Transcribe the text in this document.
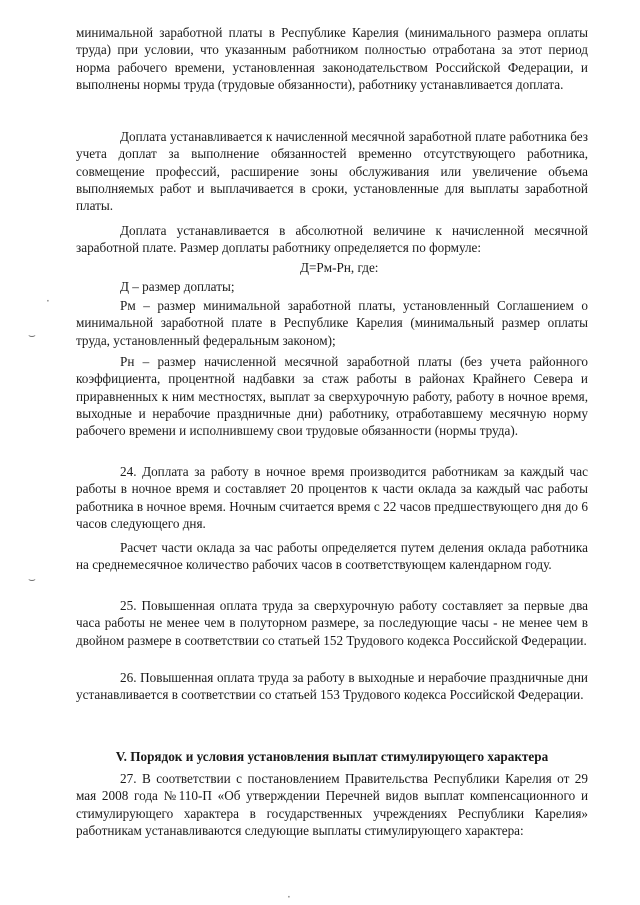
минимальной заработной платы в Республике Карелия (минимального размера оплаты труда) при условии, что указанным работником полностью отработана за этот период норма рабочего времени, установленная законодательством Российской Федерации, и выполнены нормы труда (трудовые обязанности), работнику устанавливается доплата.

Доплата устанавливается к начисленной месячной заработной плате работника без учета доплат за выполнение обязанностей временно отсутствующего работника, совмещение профессий, расширение зоны обслуживания или увеличение объема выполняемых работ и выплачивается в сроки, установленные для выплаты заработной платы.

Доплата устанавливается в абсолютной величине к начисленной месячной заработной плате. Размер доплаты работнику определяется по формуле:

Д=Рм-Рн, где:

Д – размер доплаты;

Рм – размер минимальной заработной платы, установленный Соглашением о минимальной заработной плате в Республике Карелия (минимальный размер оплаты труда, установленный федеральным законом);

Рн – размер начисленной месячной заработной платы (без учета районного коэффициента, процентной надбавки за стаж работы в районах Крайнего Севера и приравненных к ним местностях, выплат за сверхурочную работу, работу в ночное время, выходные и нерабочие праздничные дни) работнику, отработавшему месячную норму рабочего времени и исполнившему свои трудовые обязанности (нормы труда).

24. Доплата за работу в ночное время производится работникам за каждый час работы в ночное время и составляет 20 процентов к части оклада за каждый час работы работника в ночное время. Ночным считается время с 22 часов предшествующего дня до 6 часов следующего дня.

Расчет части оклада за час работы определяется путем деления оклада работника на среднемесячное количество рабочих часов в соответствующем календарном году.

25. Повышенная оплата труда за сверхурочную работу составляет за первые два часа работы не менее чем в полуторном размере, за последующие часы - не менее чем в двойном размере в соответствии со статьей 152 Трудового кодекса Российской Федерации.

26. Повышенная оплата труда за работу в выходные и нерабочие праздничные дни устанавливается в соответствии со статьей 153 Трудового кодекса Российской Федерации.

V. Порядок и условия установления выплат стимулирующего характера

27. В соответствии с постановлением Правительства Республики Карелия от 29 мая 2008 года №110-П «Об утверждении Перечней видов выплат компенсационного и стимулирующего характера в государственных учреждениях Республики Карелия» работникам устанавливаются следующие выплаты стимулирующего характера:

·
⌣
⌣
·
